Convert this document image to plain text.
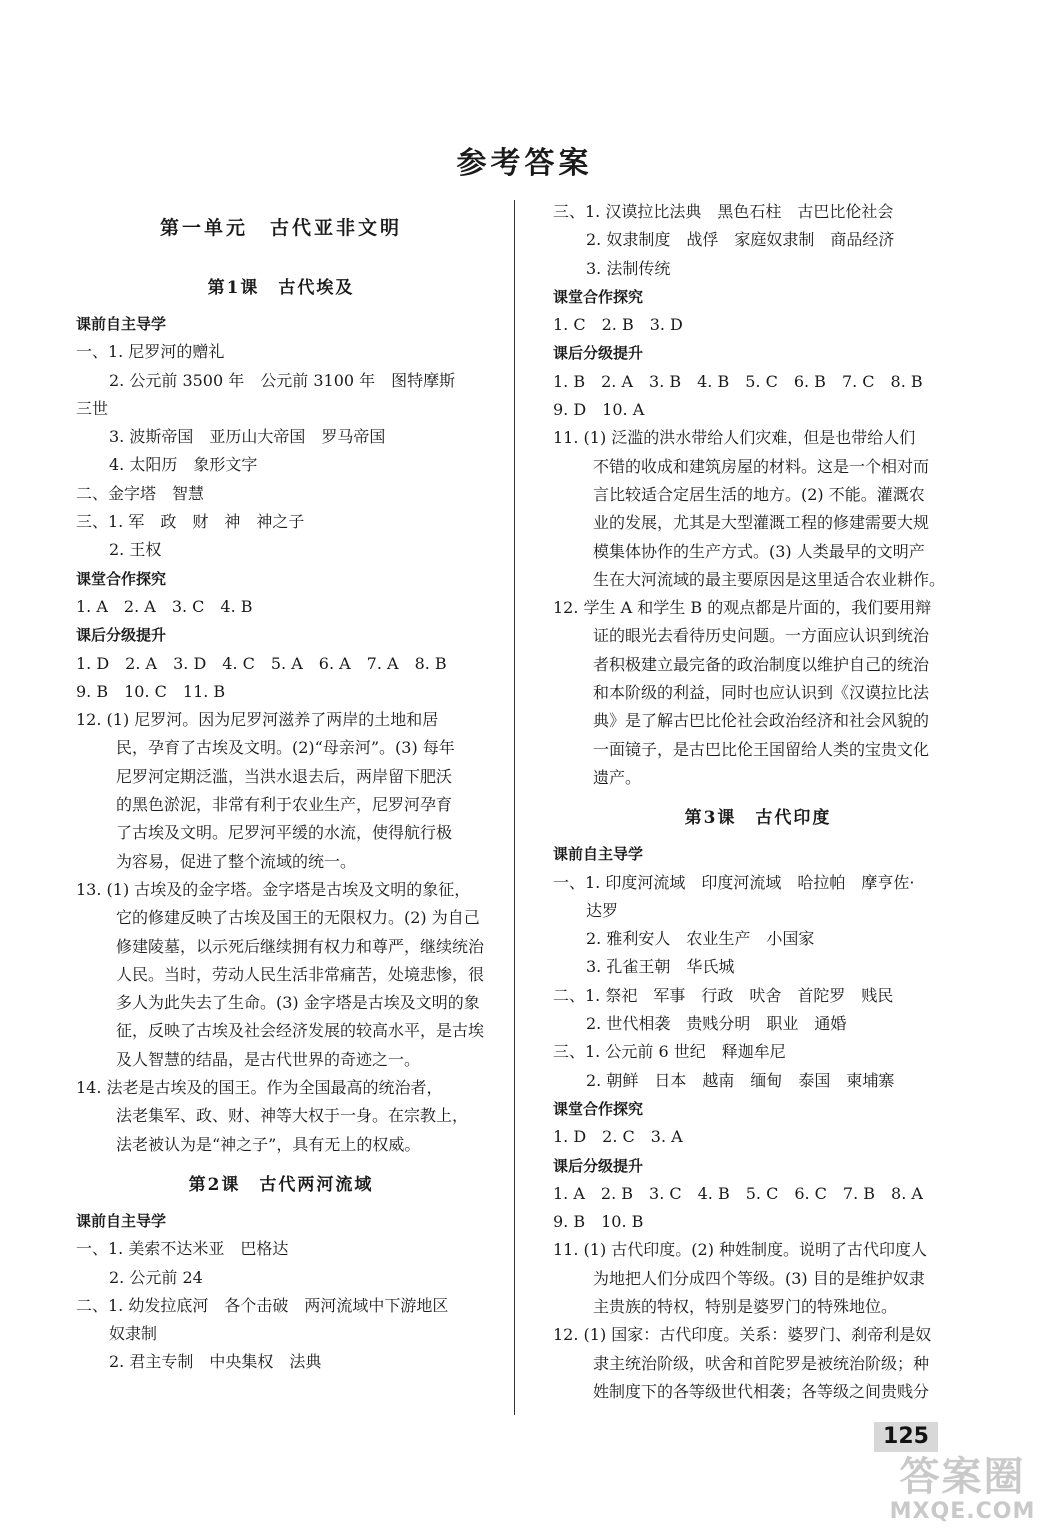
参考答案
第一单元　古代亚非文明
第1课　古代埃及
课前自主导学
一、1. 尼罗河的赠礼
2. 公元前 3500 年　公元前 3100 年　图特摩斯
三世
3. 波斯帝国　亚历山大帝国　罗马帝国
4. 太阳历　象形文字
二、金字塔　智慧
三、1. 军　政　财　神　神之子
2. 王权
课堂合作探究
1. A　2. A　3. C　4. B
课后分级提升
1. D　2. A　3. D　4. C　5. A　6. A　7. A　8. B
9. B　10. C　11. B
12. (1) 尼罗河。因为尼罗河滋养了两岸的土地和居
民，孕育了古埃及文明。(2)“母亲河”。(3) 每年
尼罗河定期泛滥，当洪水退去后，两岸留下肥沃
的黑色淤泥，非常有利于农业生产，尼罗河孕育
了古埃及文明。尼罗河平缓的水流，使得航行极
为容易，促进了整个流域的统一。
13. (1) 古埃及的金字塔。金字塔是古埃及文明的象征，
它的修建反映了古埃及国王的无限权力。(2) 为自己
修建陵墓，以示死后继续拥有权力和尊严，继续统治
人民。当时，劳动人民生活非常痛苦，处境悲惨，很
多人为此失去了生命。(3) 金字塔是古埃及文明的象
征，反映了古埃及社会经济发展的较高水平，是古埃
及人智慧的结晶，是古代世界的奇迹之一。
14. 法老是古埃及的国王。作为全国最高的统治者，
法老集军、政、财、神等大权于一身。在宗教上，
法老被认为是“神之子”，具有无上的权威。
第2课　古代两河流域
课前自主导学
一、1. 美索不达米亚　巴格达
2. 公元前 24
二、1. 幼发拉底河　各个击破　两河流域中下游地区
奴隶制
2. 君主专制　中央集权　法典
三、1. 汉谟拉比法典　黑色石柱　古巴比伦社会
2. 奴隶制度　战俘　家庭奴隶制　商品经济
3. 法制传统
课堂合作探究
1. C　2. B　3. D
课后分级提升
1. B　2. A　3. B　4. B　5. C　6. B　7. C　8. B
9. D　10. A
11. (1) 泛滥的洪水带给人们灾难，但是也带给人们
不错的收成和建筑房屋的材料。这是一个相对而
言比较适合定居生活的地方。(2) 不能。灌溉农
业的发展，尤其是大型灌溉工程的修建需要大规
模集体协作的生产方式。(3) 人类最早的文明产
生在大河流域的最主要原因是这里适合农业耕作。
12. 学生 A 和学生 B 的观点都是片面的，我们要用辩
证的眼光去看待历史问题。一方面应认识到统治
者积极建立最完备的政治制度以维护自己的统治
和本阶级的利益，同时也应认识到《汉谟拉比法
典》是了解古巴比伦社会政治经济和社会风貌的
一面镜子，是古巴比伦王国留给人类的宝贵文化
遗产。
第3课　古代印度
课前自主导学
一、1. 印度河流域　印度河流域　哈拉帕　摩亨佐·
达罗
2. 雅利安人　农业生产　小国家
3. 孔雀王朝　华氏城
二、1. 祭祀　军事　行政　吠舍　首陀罗　贱民
2. 世代相袭　贵贱分明　职业　通婚
三、1. 公元前 6 世纪　释迦牟尼
2. 朝鲜　日本　越南　缅甸　泰国　柬埔寨
课堂合作探究
1. D　2. C　3. A
课后分级提升
1. A　2. B　3. C　4. B　5. C　6. C　7. B　8. A
9. B　10. B
11. (1) 古代印度。(2) 种姓制度。说明了古代印度人
为地把人们分成四个等级。(3) 目的是维护奴隶
主贵族的特权，特别是婆罗门的特殊地位。
12. (1) 国家：古代印度。关系：婆罗门、刹帝利是奴
隶主统治阶级，吠舍和首陀罗是被统治阶级；种
姓制度下的各等级世代相袭；各等级之间贵贱分
125
答案圈
MXQE.COM
